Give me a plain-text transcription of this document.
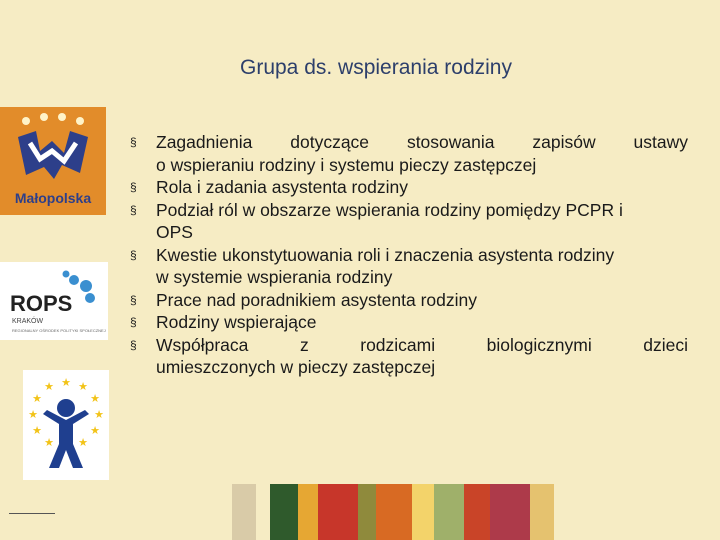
Grupa ds. wspierania rodziny
§ Zagadnienia dotyczące stosowania zapisów ustawy
o wspieraniu rodziny i systemu pieczy zastępczej
§ Rola i zadania asystenta rodziny
§ Podział ról w obszarze wspierania rodziny pomiędzy PCPR i
OPS
§ Kwestie ukonstytuowania roli i znaczenia asystenta rodziny
w systemie wspierania rodziny
§ Prace nad poradnikiem asystenta rodziny
§ Rodziny wspierające
§ Współpraca z rodzicami biologicznymi dzieci
umieszczonych w pieczy zastępczej
Małopolska
ROPS
KRAKÓW
REGIONALNY OŚRODEK POLITYKI SPOŁECZNEJ
★ ★
★
★
★
★
★
★
★
★
★
